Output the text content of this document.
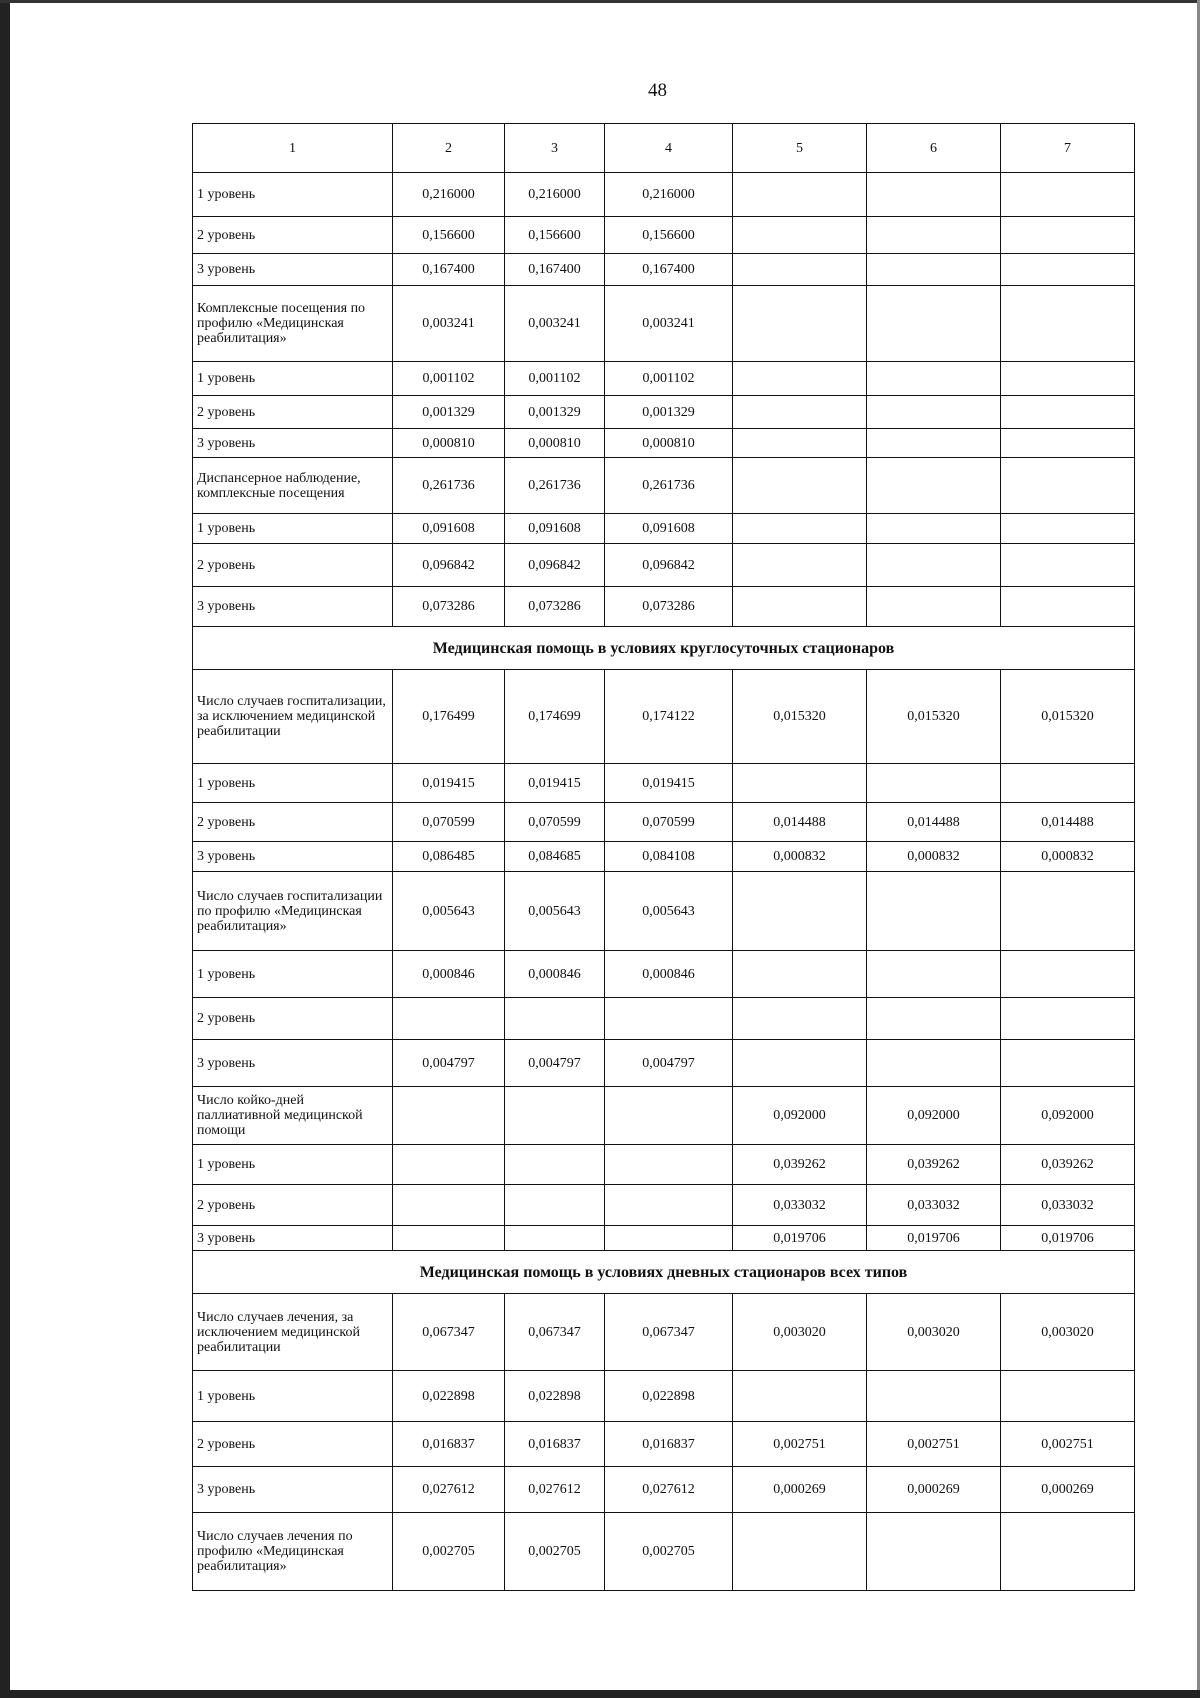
48
1	2	3	4	5	6	7
1 уровень	0,216000	0,216000	0,216000			
2 уровень	0,156600	0,156600	0,156600			
3 уровень	0,167400	0,167400	0,167400			
Комплексные посещения по профилю «Медицинская реабилитация»	0,003241	0,003241	0,003241			
1 уровень	0,001102	0,001102	0,001102			
2 уровень	0,001329	0,001329	0,001329			
3 уровень	0,000810	0,000810	0,000810			
Диспансерное наблюдение, комплексные посещения	0,261736	0,261736	0,261736			
1 уровень	0,091608	0,091608	0,091608			
2 уровень	0,096842	0,096842	0,096842			
3 уровень	0,073286	0,073286	0,073286			
Медицинская помощь в условиях круглосуточных стационаров						
Число случаев госпитализации, за исключением медицинской реабилитации	0,176499	0,174699	0,174122	0,015320	0,015320	0,015320
1 уровень	0,019415	0,019415	0,019415			
2 уровень	0,070599	0,070599	0,070599	0,014488	0,014488	0,014488
3 уровень	0,086485	0,084685	0,084108	0,000832	0,000832	0,000832
Число случаев госпитализации по профилю «Медицинская реабилитация»	0,005643	0,005643	0,005643			
1 уровень	0,000846	0,000846	0,000846			
2 уровень						
3 уровень	0,004797	0,004797	0,004797			
Число койко-дней паллиативной медицинской помощи				0,092000	0,092000	0,092000
1 уровень				0,039262	0,039262	0,039262
2 уровень				0,033032	0,033032	0,033032
3 уровень				0,019706	0,019706	0,019706
Медицинская помощь в условиях дневных стационаров всех типов						
Число случаев лечения, за исключением медицинской реабилитации	0,067347	0,067347	0,067347	0,003020	0,003020	0,003020
1 уровень	0,022898	0,022898	0,022898			
2 уровень	0,016837	0,016837	0,016837	0,002751	0,002751	0,002751
3 уровень	0,027612	0,027612	0,027612	0,000269	0,000269	0,000269
Число случаев лечения по профилю «Медицинская реабилитация»	0,002705	0,002705	0,002705			
